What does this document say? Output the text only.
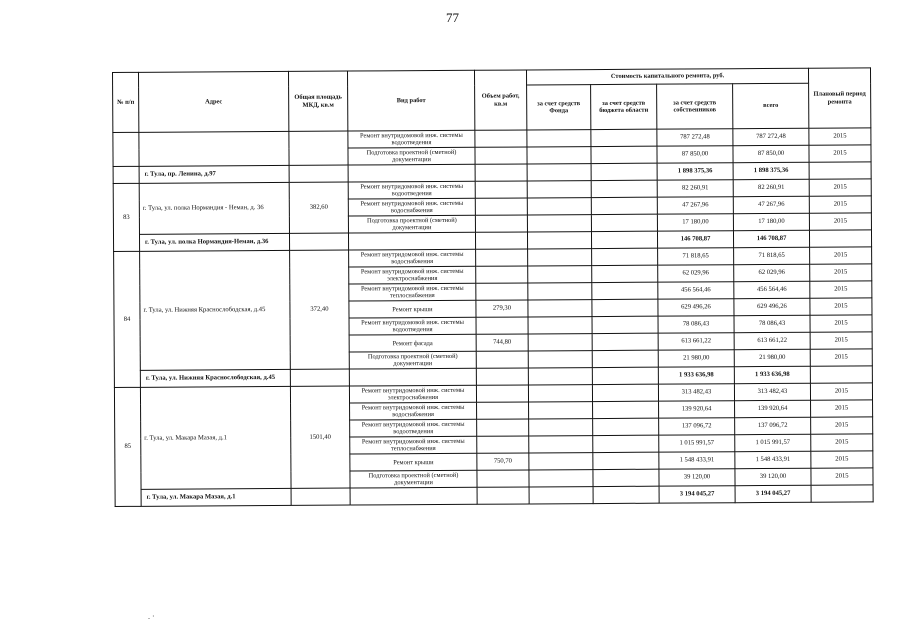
77
№ п/п	Адрес	Общая площадь МКД, кв.м	Вид работ	Объем работ, кв.м	Стоимость капитального ремонта, руб.				Плановый период ремонта
					за счет средств Фонда	за счет средств бюджета области	за счет средств собственников	всего	
			Ремонт внутридомовой инж. системы водоотведения				787 272,48	787 272,48	2015
			Подготовка проектной (сметной) документации				87 850,00	87 850,00	2015
	г. Тула, пр. Ленина, д.97						1 898 375,36	1 898 375,36	
83	г. Тула, ул. полка Нормандия - Неман, д. 36	382,60	Ремонт внутридомовой инж. системы водоотведения				82 260,91	82 260,91	2015
			Ремонт внутридомовой инж. системы водоснабжения				47 267,96	47 267,96	2015
			Подготовка проектной (сметной) документации				17 180,00	17 180,00	2015
	г. Тула, ул. полка Нормандия-Неман, д.36						146 708,87	146 708,87	
84	г. Тула, ул. Нижняя Краснослободская, д.45	372,40	Ремонт внутридомовой инж. системы водоснабжения				71 818,65	71 818,65	2015
			Ремонт внутридомовой инж. системы электроснабжения				62 029,96	62 029,96	2015
			Ремонт внутридомовой инж. системы теплоснабжения				456 564,46	456 564,46	2015
			Ремонт крыши	279,30			629 496,26	629 496,26	2015
			Ремонт внутридомовой инж. системы водоотведения				78 086,43	78 086,43	2015
			Ремонт фасада	744,80			613 661,22	613 661,22	2015
			Подготовка проектной (сметной) документации				21 980,00	21 980,00	2015
	г. Тула, ул. Нижняя Краснослободская, д.45						1 933 636,98	1 933 636,98	
85	г. Тула, ул. Макара Мазая, д.1	1501,40	Ремонт внутридомовой инж. системы электроснабжения				313 482,43	313 482,43	2015
			Ремонт внутридомовой инж. системы водоснабжения				139 920,64	139 920,64	2015
			Ремонт внутридомовой инж. системы водоотведения				137 096,72	137 096,72	2015
			Ремонт внутридомовой инж. системы теплоснабжения				1 015 991,57	1 015 991,57	2015
			Ремонт крыши	750,70			1 548 433,91	1 548 433,91	2015
			Подготовка проектной (сметной) документации				39 120,00	39 120,00	2015
	г. Тула, ул. Макара Мазая, д.1						3 194 045,27	3 194 045,27	
. ·
